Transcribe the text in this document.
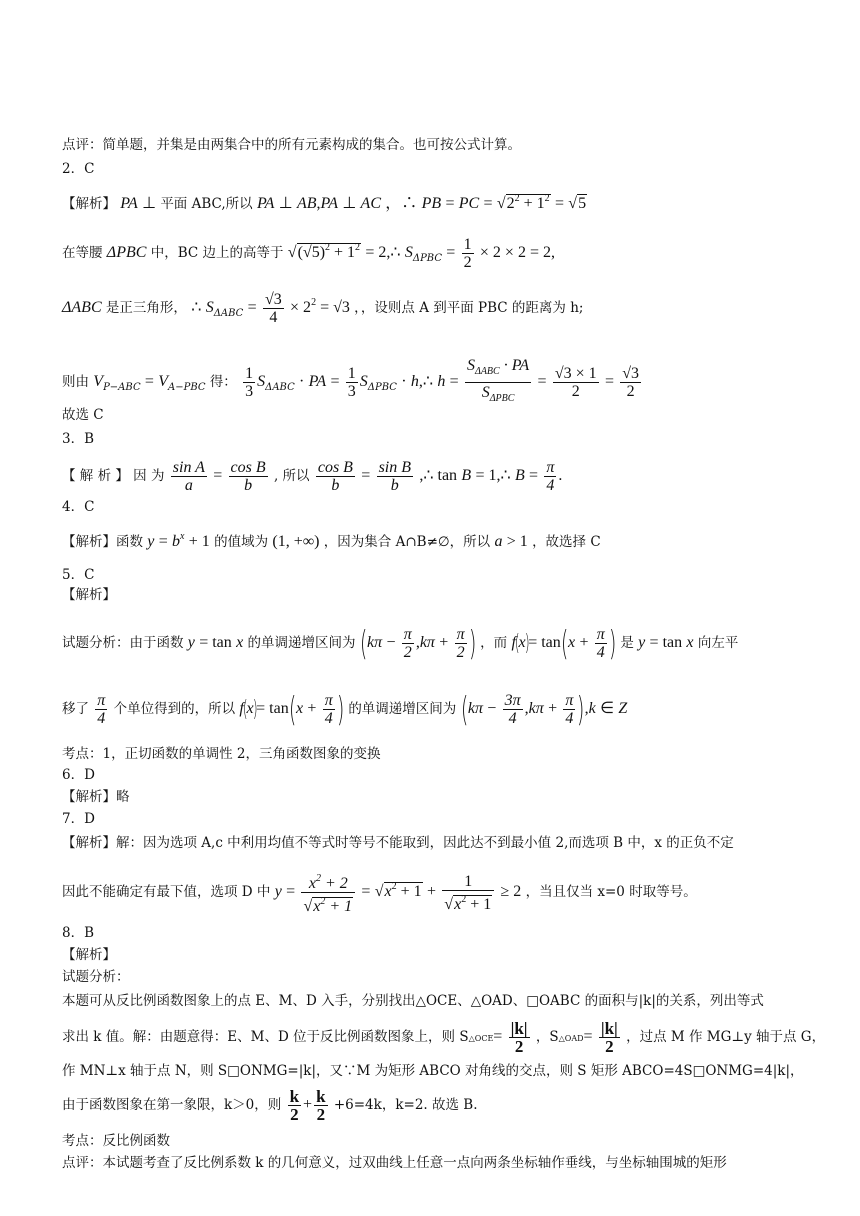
点评：简单题，并集是由两集合中的所有元素构成的集合。也可按公式计算。
2．C
【解析】 PA ⊥ 平面 ABC,所以 PA ⊥ AB,PA ⊥ AC ，∴ PB = PC = $√2^2 + 1^2 = √5$
在等腰 ΔPBC 中，BC 边上的高等于 $√(√5)^2 + 1^2$ = 2,∴ $S_{\Delta PBC} = \frac{1}{2} \times 2 \times 2 = 2$,
ΔABC 是正三角形， ∴ $S_{\Delta ABC} = \frac{√3}{4} \times 2^2 = √3$ ，，设则点 A 到平面 PBC 的距离为 h;
则由 $V_{P-ABC} = V_{A-PBC}$ 得： $\frac{1}{3} S_{\Delta ABC}$ · PA = $\frac{1}{3} S_{\Delta PBC}$ · h,∴ $h = \frac{S_{\Delta ABC} \cdot PA}{S_{\Delta PBC}} = \frac{√3 \times 1}{2} = \frac{√3}{2}$
故选 C
3．B
【 解 析 】 因 为 $\frac{\text{sin A}}{a} = \frac{\text{cos B}}{b}$ , 所以 $\frac{\text{cos B}}{b} = \frac{\text{sin B}}{b}$ ,∴ tan B = 1,∴ $B = \frac{\pi}{4}$ .
4．C
【解析】函数 $y = b^x + 1$ 的值域为 (1, +∞) ，因为集合 A∩B≠∅，所以 a > 1 ，故选择 C
5．C
【解析】
试题分析：由于函数 y = tan x 的单调递增区间为 ($k\pi - \frac{\pi}{2} ,k\pi + \frac{\pi}{2}$ ) ，而 $f(x)= \tan(x + \frac{\pi}{4}$ ) 是 y = tan x 向左平
移了 $\frac{\pi}{4}$ 个单位得到的，所以 $f(x)= \tan(x + \frac{\pi}{4}$ ) 的单调递增区间为 $(k\pi - \frac{3\pi}{4} ,k\pi + \frac{\pi}{4} ),k$ ∈ Z
考点：1，正切函数的单调性 2，三角函数图象的变换
6．D
【解析】略
7．D
【解析】解：因为选项 A,c 中利用均值不等式时等号不能取到，因此达不到最小值 2,而选项 B 中，x 的正负不定
因此不能确定有最下值，选项 D 中 $y = \frac{x^2 + 2}{√x^2 + 1} = √x^2 + 1 + \frac{1}{√x^2 + 1} \ge 2$ ，当且仅当 x=0 时取等号。
8．B
【解析】
试题分析：
本题可从反比例函数图象上的点 E、M、D 入手，分别找出△OCE、△OAD、□OABC 的面积与|k|的关系，列出等式
求出 k 值。解：由题意得：E、M、D 位于反比例函数图象上，则 S△OCE= $\frac{|k|}{2}$ ，S△OAD= $\frac{|k|}{2}$ ，过点 M 作 MG⊥y 轴于点 G，
作 MN⊥x 轴于点 N，则 S□ONMG=|k|，又∵M 为矩形 ABCO 对角线的交点，则 S 矩形 ABCO=4S□ONMG=4|k|，
由于函数图象在第一象限，k＞0，则 $\frac{k}{2} + \frac{k}{2} +6=4k$，k=2. 故选 B.
考点：反比例函数
点评：本试题考查了反比例系数 k 的几何意义，过双曲线上任意一点向两条坐标轴作垂线，与坐标轴围城的矩形
